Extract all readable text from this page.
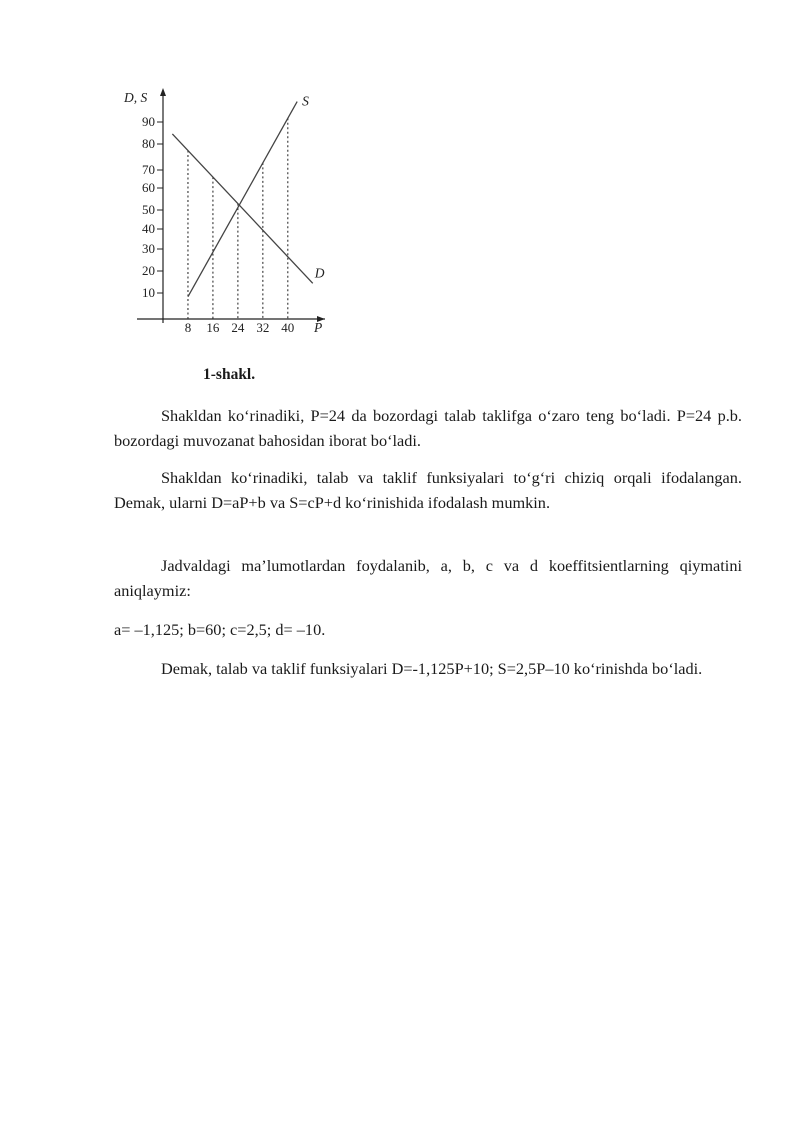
D, S
P
90
80
70
60
50
40
30
20
10
8 16 24 32 40
S
D
1-shakl.

Shakldan ko‘rinadiki, P=24 da bozordagi talab taklifga o‘zaro teng bo‘ladi. P=24 p.b. bozordagi muvozanat bahosidan iborat bo‘ladi.

Shakldan ko‘rinadiki, talab va taklif funksiyalari to‘g‘ri chiziq orqali ifodalangan. Demak, ularni D=aP+b va S=cP+d ko‘rinishida ifodalash mumkin.

Jadvaldagi ma’lumotlardan foydalanib, a, b, c va d koeffitsientlarning qiymatini aniqlaymiz:

a= –1,125; b=60; c=2,5; d= –10.

Demak, talab va taklif funksiyalari D=-1,125P+10; S=2,5P–10 ko‘rinishda bo‘ladi.
